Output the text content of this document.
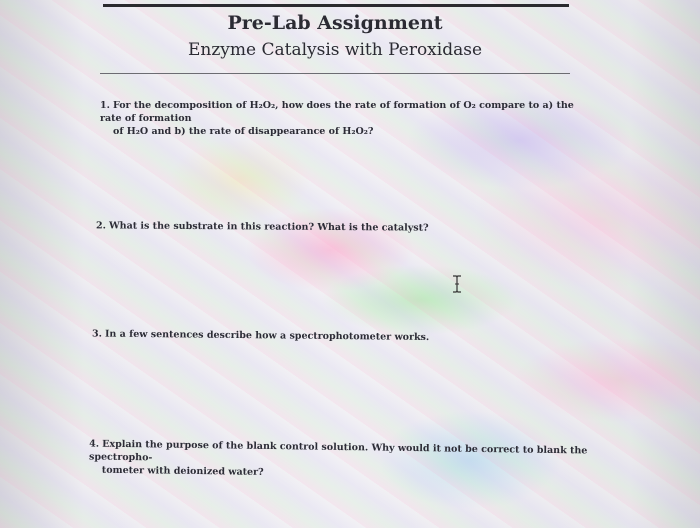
Pre-Lab Assignment
Enzyme Catalysis with Peroxidase
1. For the decomposition of H₂O₂, how does the rate of formation of O₂ compare to a) the rate of formation
of H₂O and b) the rate of disappearance of H₂O₂?
2. What is the substrate in this reaction? What is the catalyst?
3. In a few sentences describe how a spectrophotometer works.
4. Explain the purpose of the blank control solution. Why would it not be correct to blank the spectropho-
tometer with deionized water?
